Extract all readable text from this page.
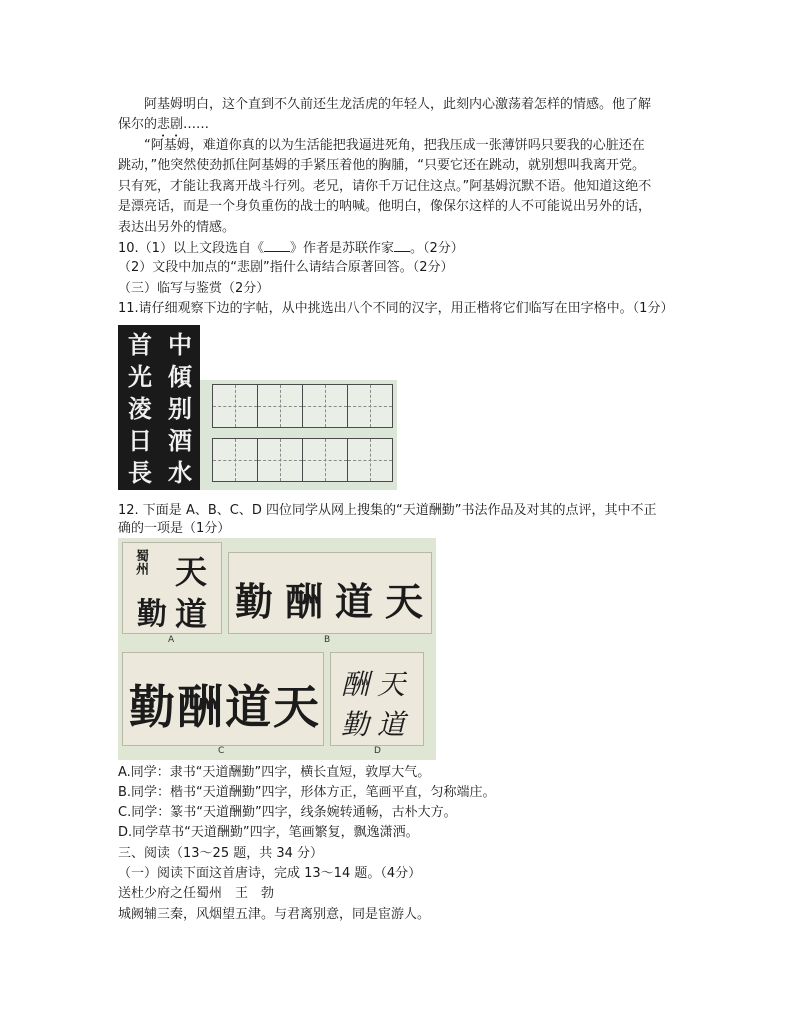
阿基姆明白，这个直到不久前还生龙活虎的年轻人，此刻内心激荡着怎样的情感。他了解
保尔的悲剧……
“阿基姆，难道你真的以为生活能把我逼进死角，把我压成一张薄饼吗只要我的心脏还在
跳动，”他突然使劲抓住阿基姆的手紧压着他的胸脯，“只要它还在跳动，就别想叫我离开党。
只有死，才能让我离开战斗行列。老兄，请你千万记住这点。”阿基姆沉默不语。他知道这绝不
是漂亮话，而是一个身负重伤的战士的呐喊。他明白，像保尔这样的人不可能说出另外的话，
表达出另外的情感。
10.（1）以上文段选自《 》作者是苏联作家 。（2分）
（2）文段中加点的“悲剧”指什么请结合原著回答。（2分）
（三）临写与鉴赏（2分）
11.请仔细观察下边的字帖，从中挑选出八个不同的汉字，用正楷将它们临写在田字格中。（1分）
中
傾
别
酒
水
首
光
淩
日
長
12. 下面是 A、B、C、D 四位同学从网上搜集的“天道酬勤”书法作品及对其的点评，其中不正
确的一项是（1分）
蜀州 天
道
勤
A
勤 酬 道 天
B
勤 酬 道 天
C
天
道
酬
勤
D
A.同学：隶书“天道酬勤”四字，横长直短，敦厚大气。
B.同学：楷书“天道酬勤”四字，形体方正，笔画平直，匀称端庄。
C.同学：篆书“天道酬勤”四字，线条婉转通畅，古朴大方。
D.同学草书“天道酬勤”四字，笔画繁复，飘逸潇洒。
三、阅读（13～25 题，共 34 分）
（一）阅读下面这首唐诗，完成 13～14 题。（4分）
送杜少府之任蜀州　王　勃
城阙辅三秦，风烟望五津。与君离别意，同是宦游人。
